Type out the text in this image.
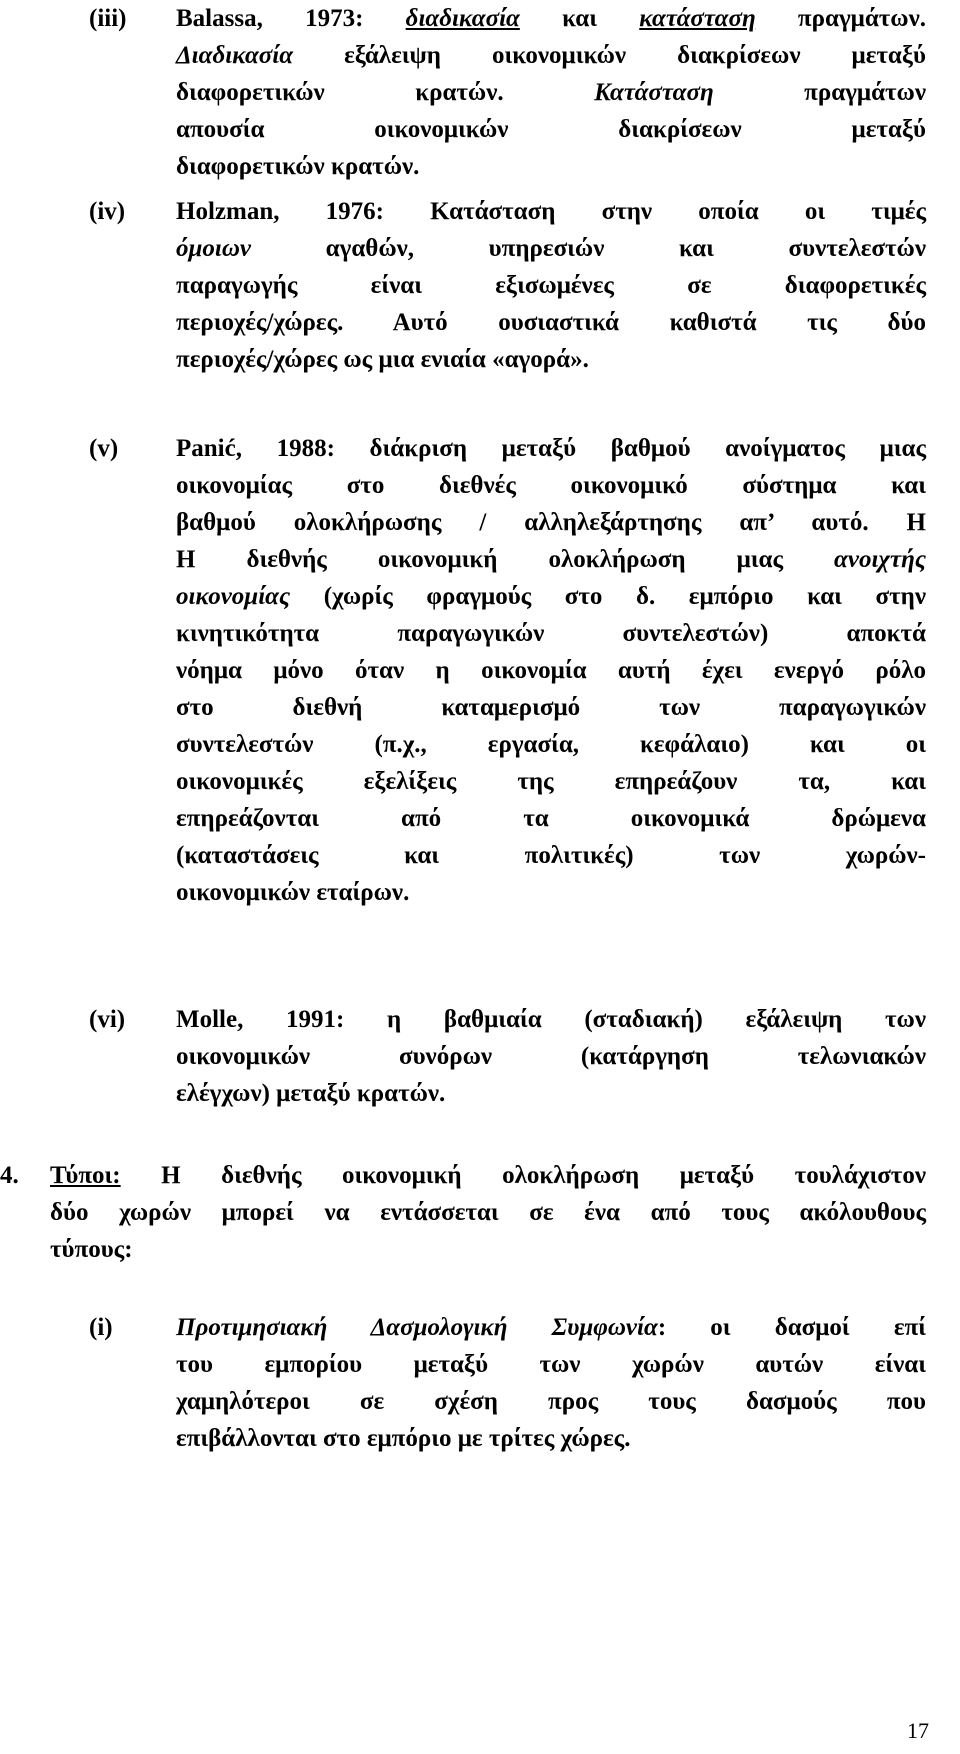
(iii) Balassa, 1973: διαδικασία και κατάσταση πραγμάτων.
Διαδικασία εξάλειψη οικονομικών διακρίσεων μεταξύ
διαφορετικών κρατών. Κατάσταση πραγμάτων
απουσία οικονομικών διακρίσεων μεταξύ
διαφορετικών κρατών.
(iv) Holzman, 1976: Κατάσταση στην οποία οι τιμές
όμοιων αγαθών, υπηρεσιών και συντελεστών
παραγωγής είναι εξισωμένες σε διαφορετικές
περιοχές/χώρες. Αυτό ουσιαστικά καθιστά τις δύο
περιοχές/χώρες ως μια ενιαία «αγορά».
(v) Panić, 1988: διάκριση μεταξύ βαθμού ανοίγματος μιας
οικονομίας στο διεθνές οικονομικό σύστημα και
βαθμού ολοκλήρωσης / αλληλεξάρτησης απ’ αυτό. Η
Η διεθνής οικονομική ολοκλήρωση μιας ανοιχτής
οικονομίας (χωρίς φραγμούς στο δ. εμπόριο και στην
κινητικότητα παραγωγικών συντελεστών) αποκτά
νόημα μόνο όταν η οικονομία αυτή έχει ενεργό ρόλο
στο διεθνή καταμερισμό των παραγωγικών
συντελεστών (π.χ., εργασία, κεφάλαιο) και οι
οικονομικές εξελίξεις της επηρεάζουν τα, και
επηρεάζονται από τα οικονομικά δρώμενα
(καταστάσεις και πολιτικές) των χωρών-
οικονομικών εταίρων.
(vi) Molle, 1991: η βαθμιαία (σταδιακή) εξάλειψη των
οικονομικών συνόρων (κατάργηση τελωνιακών
ελέγχων) μεταξύ κρατών.
4. Τύποι: Η διεθνής οικονομική ολοκλήρωση μεταξύ τουλάχιστον
δύο χωρών μπορεί να εντάσσεται σε ένα από τους ακόλουθους
τύπους:
(i)	Προτιμησιακή Δασμολογική Συμφωνία: οι δασμοί επί
του εμπορίου μεταξύ των χωρών αυτών είναι
χαμηλότεροι σε σχέση προς τους δασμούς που
επιβάλλονται στο εμπόριο με τρίτες χώρες.
17
